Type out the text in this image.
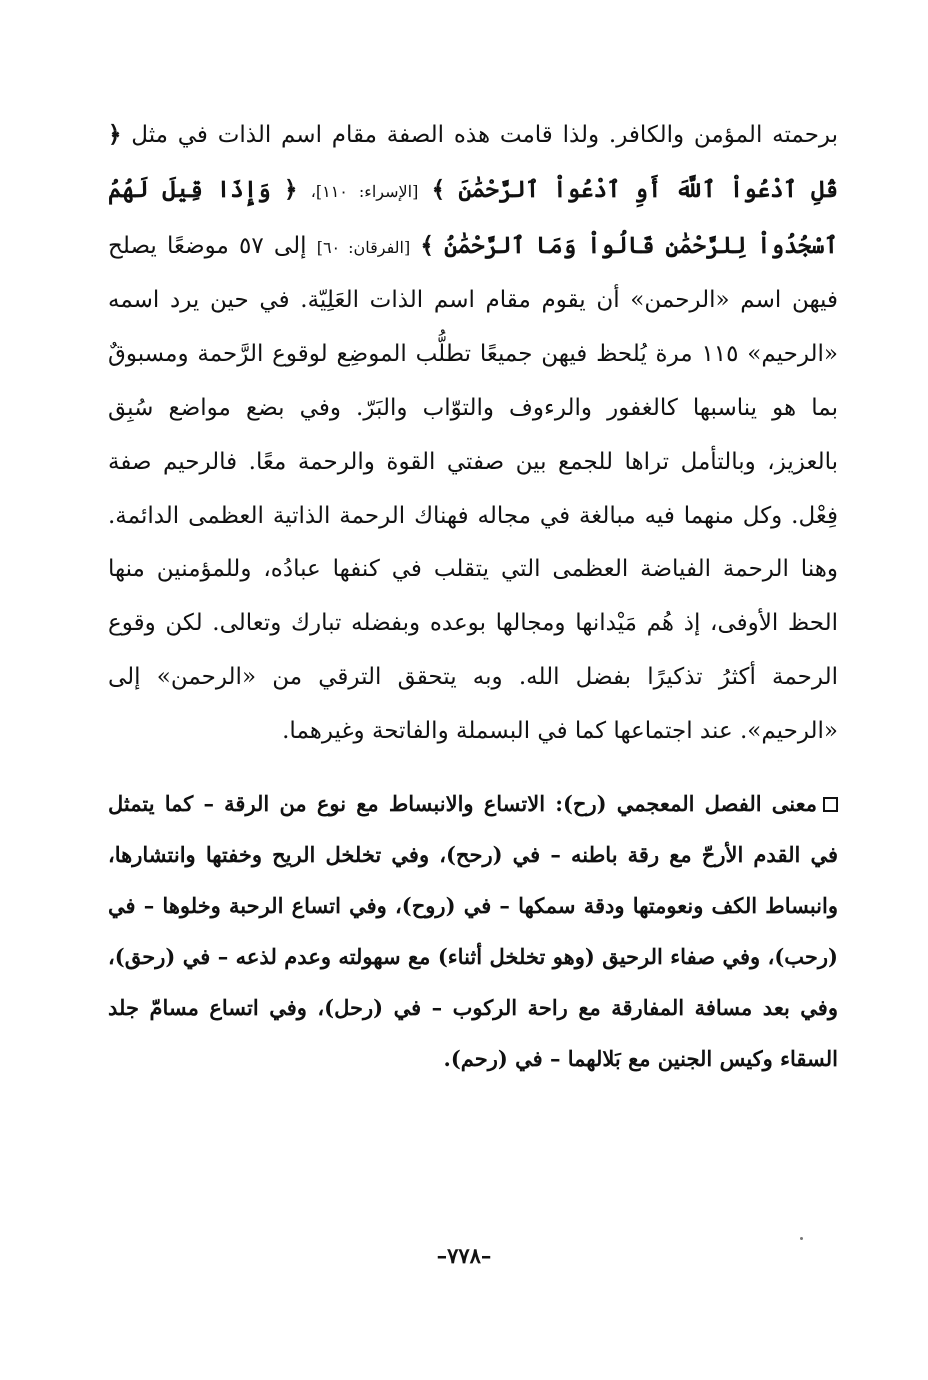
برحمته المؤمن والكافر. ولذا قامت هذه الصفة مقام اسم الذات في مثل ﴿ قُلِ ٱدْعُواْ ٱللَّهَ أَوِ ٱدْعُواْ ٱلرَّحْمَٰنَ ﴾ [الإسراء: ١١٠]، ﴿ وَإِذَا قِيلَ لَهُمُ ٱسْجُدُواْ لِلرَّحْمَٰنِ قَالُواْ وَمَا ٱلرَّحْمَٰنُ ﴾ [الفرقان: ٦٠] إلى ٥٧ موضعًا يصلح فيهن اسم «الرحمن» أن يقوم مقام اسم الذات العَلِيّة. في حين يرد اسمه «الرحيم» ١١٥ مرة يُلحظ فيهن جميعًا تطلُّب الموضِع لوقوع الرَّحمة ومسبوقٌ بما هو يناسبها كالغفور والرءوف والتوّاب والبَرّ. وفي بضع مواضع سُبِق بالعزيز، وبالتأمل تراها للجمع بين صفتي القوة والرحمة معًا. فالرحيم صفة فِعْل. وكل منهما فيه مبالغة في مجاله فهناك الرحمة الذاتية العظمى الدائمة. وهنا الرحمة الفياضة العظمى التي يتقلب في كنفها عبادُه، وللمؤمنين منها الحظ الأوفى، إذ هُم مَيْدانها ومجالها بوعده وبفضله تبارك وتعالى. لكن وقوع الرحمة أكثرُ تذكيرًا بفضل الله. وبه يتحقق الترقي من «الرحمن» إلى «الرحيم». عند اجتماعها كما في البسملة والفاتحة وغيرهما.

معنى الفصل المعجمي (رح): الاتساع والانبساط مع نوع من الرقة – كما يتمثل في القدم الأرحّ مع رقة باطنه – في (رحح)، وفي تخلخل الريح وخفتها وانتشارها، وانبساط الكف ونعومتها ودقة سمكها – في (روح)، وفي اتساع الرحبة وخلوها – في (رحب)، وفي صفاء الرحيق (وهو تخلخل أثناء) مع سهولته وعدم لذعه – في (رحق)، وفي بعد مسافة المفارقة مع راحة الركوب – في (رحل)، وفي اتساع مسامّ جلد السقاء وكيس الجنين مع بَلالهما – في (رحم).

–٧٧٨–
